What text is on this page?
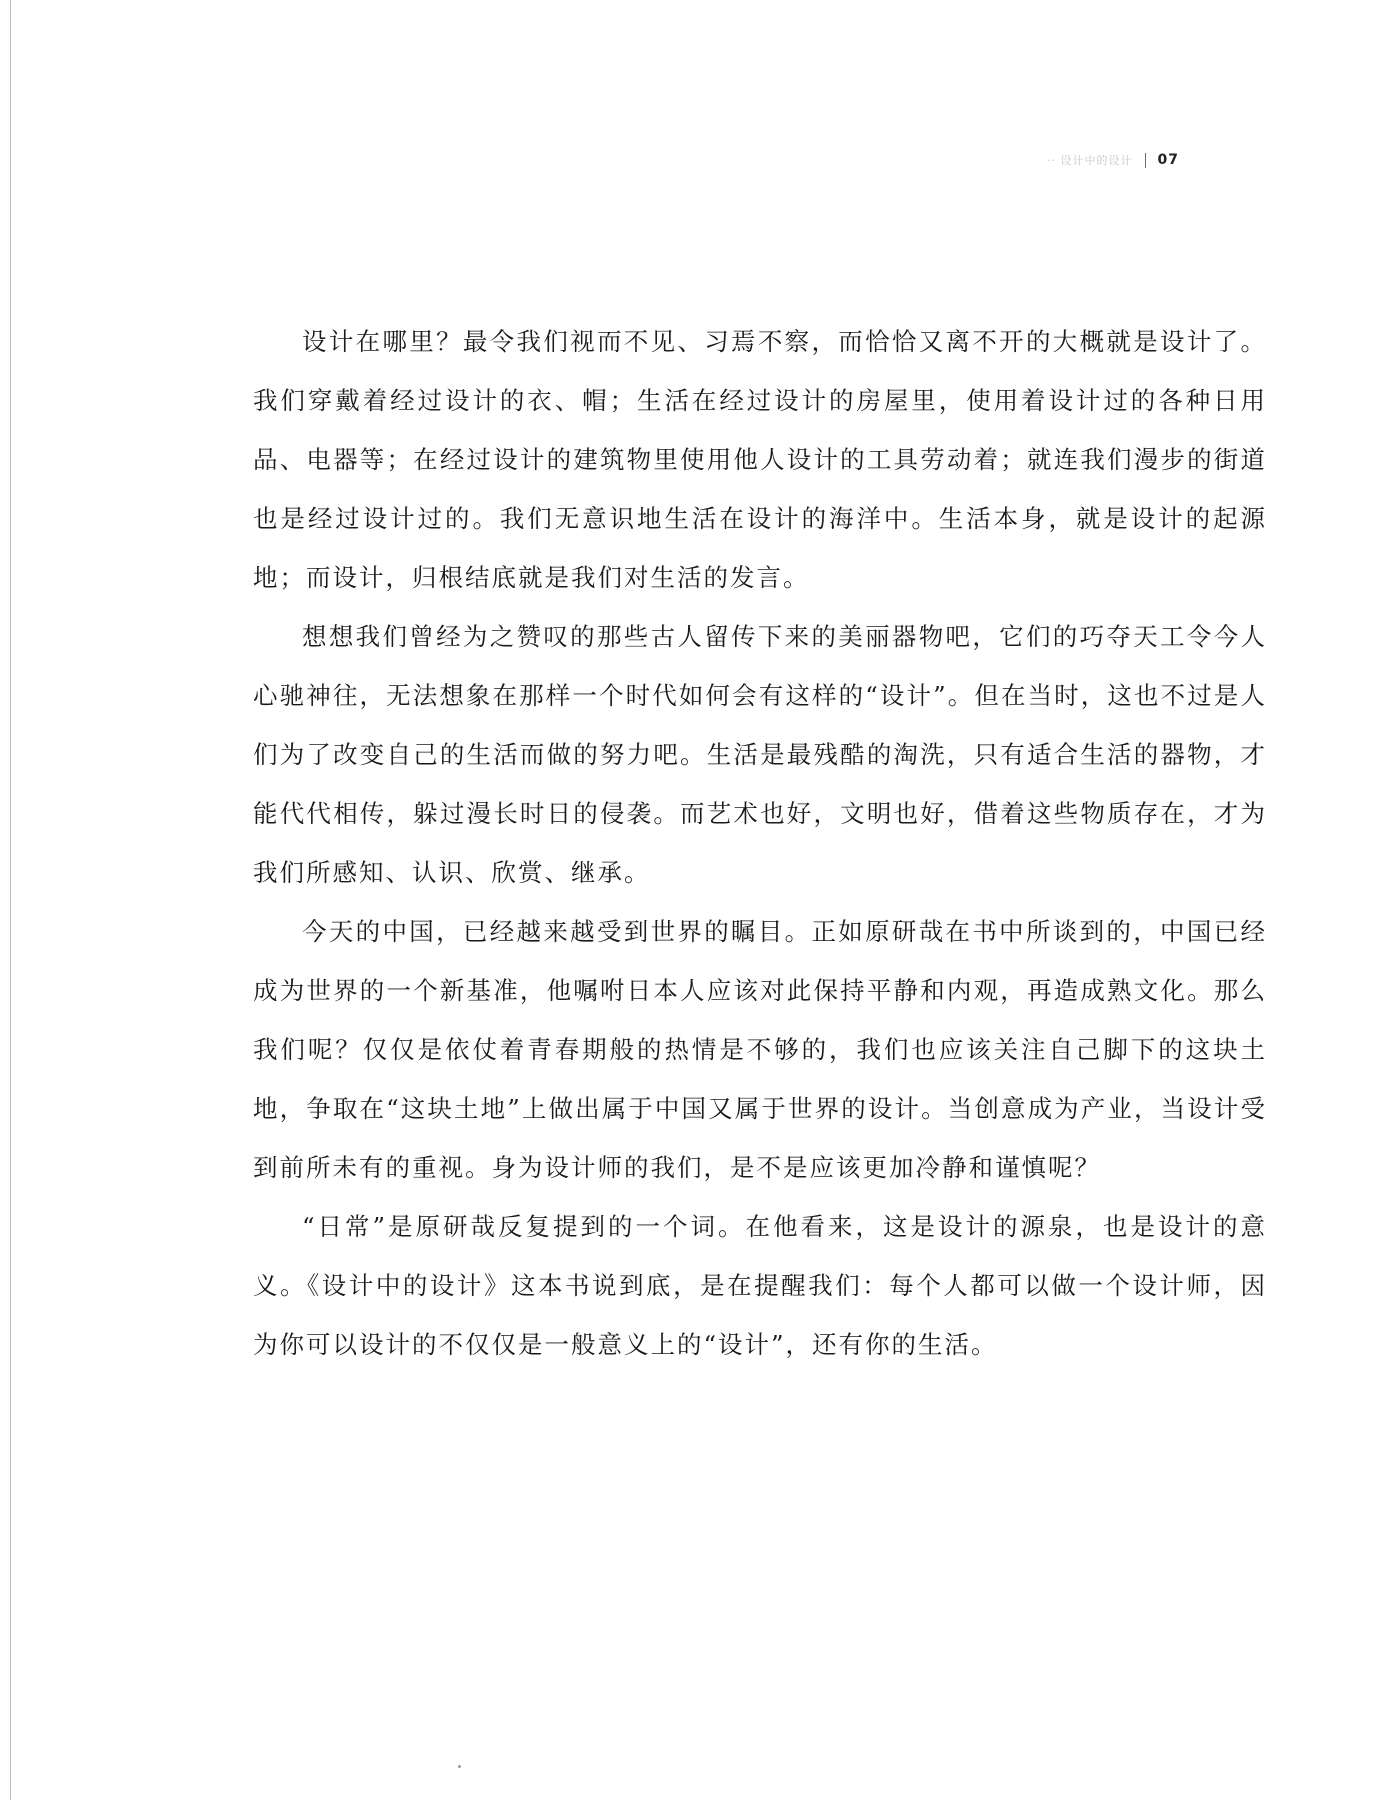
·· 设计中的设计 07

设计在哪里？最令我们视而不见、习焉不察，而恰恰又离不开的大概就是设计了。我们穿戴着经过设计的衣、帽；生活在经过设计的房屋里，使用着设计过的各种日用品、电器等；在经过设计的建筑物里使用他人设计的工具劳动着；就连我们漫步的街道也是经过设计过的。我们无意识地生活在设计的海洋中。生活本身，就是设计的起源地；而设计，归根结底就是我们对生活的发言。

想想我们曾经为之赞叹的那些古人留传下来的美丽器物吧，它们的巧夺天工令今人心驰神往，无法想象在那样一个时代如何会有这样的“设计”。但在当时，这也不过是人们为了改变自己的生活而做的努力吧。生活是最残酷的淘洗，只有适合生活的器物，才能代代相传，躲过漫长时日的侵袭。而艺术也好，文明也好，借着这些物质存在，才为我们所感知、认识、欣赏、继承。

今天的中国，已经越来越受到世界的瞩目。正如原研哉在书中所谈到的，中国已经成为世界的一个新基准，他嘱咐日本人应该对此保持平静和内观，再造成熟文化。那么我们呢？仅仅是依仗着青春期般的热情是不够的，我们也应该关注自己脚下的这块土地，争取在“这块土地”上做出属于中国又属于世界的设计。当创意成为产业，当设计受到前所未有的重视。身为设计师的我们，是不是应该更加冷静和谨慎呢？

“日常”是原研哉反复提到的一个词。在他看来，这是设计的源泉，也是设计的意义。《设计中的设计》这本书说到底，是在提醒我们：每个人都可以做一个设计师，因为你可以设计的不仅仅是一般意义上的“设计”，还有你的生活。
